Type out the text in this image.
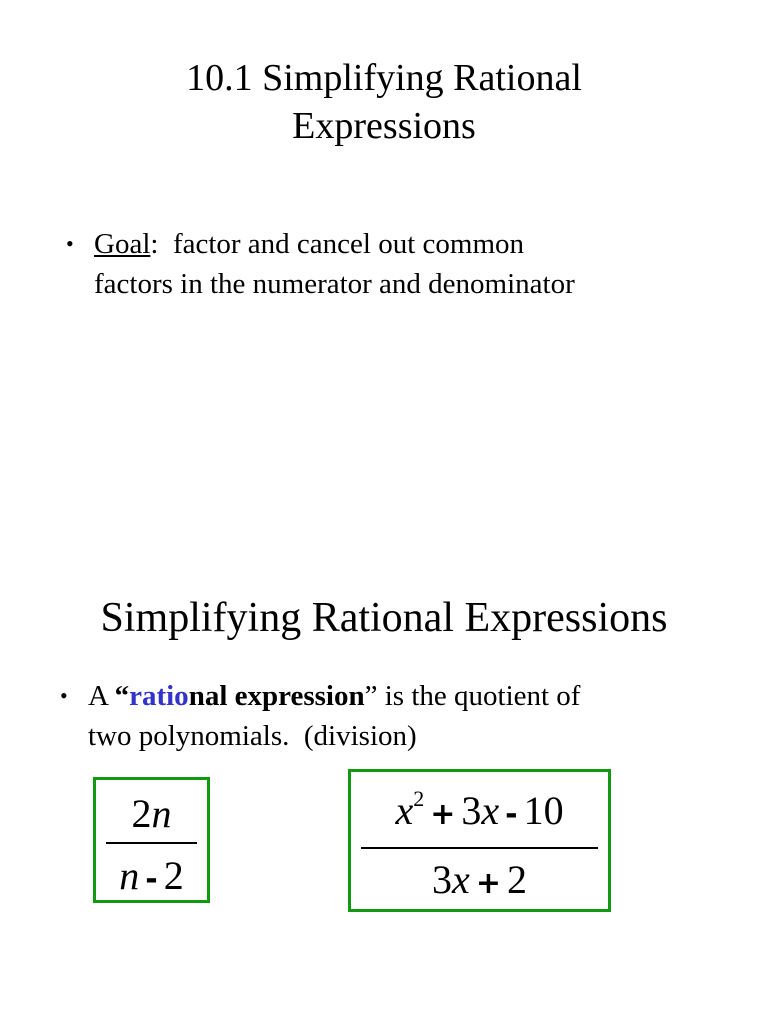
10.1 Simplifying Rational
Expressions
• Goal:  factor and cancel out common
factors in the numerator and denominator
Simplifying Rational Expressions
• A “rational expression” is the quotient of
two polynomials.  (division)
2n
n - 2
$x^2 + 3x - 10$
3x + 2
